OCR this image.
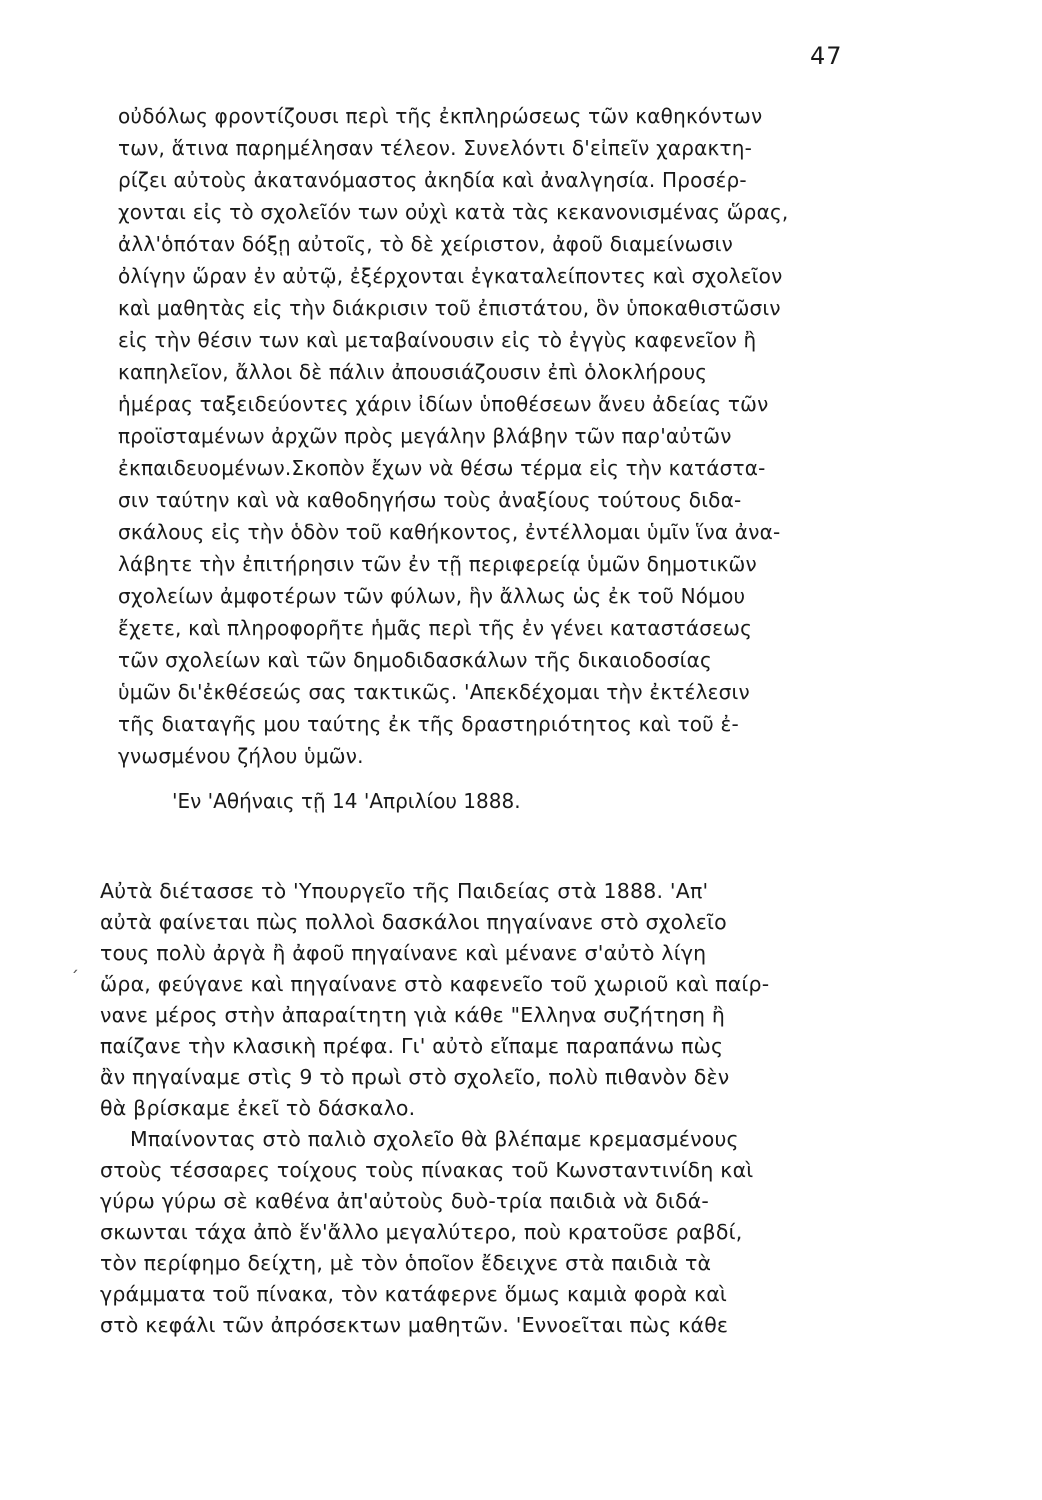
47
οὐδόλως φροντίζουσι περὶ τῆς ἐκπληρώσεως τῶν καθηκόντων
των, ἅτινα παρημέλησαν τέλεον. Συνελόντι δ'εἰπεῖν χαρακτη-
ρίζει αὐτοὺς ἀκατανόμαστος ἀκηδία καὶ ἀναλγησία. Προσέρ-
χονται εἰς τὸ σχολεῖόν των οὐχὶ κατὰ τὰς κεκανονισμένας ὥρας,
ἀλλ'ὁπόταν δόξῃ αὐτοῖς, τὸ δὲ χείριστον, ἀφοῦ διαμείνωσιν
ὀλίγην ὥραν ἐν αὐτῷ, ἐξέρχονται ἐγκαταλείποντες καὶ σχολεῖον
καὶ μαθητὰς εἰς τὴν διάκρισιν τοῦ ἐπιστάτου, ὃν ὑποκαθιστῶσιν
εἰς τὴν θέσιν των καὶ μεταβαίνουσιν εἰς τὸ ἐγγὺς καφενεῖον ἢ
καπηλεῖον, ἄλλοι δὲ πάλιν ἀπουσιάζουσιν ἐπὶ ὁλοκλήρους
ἡμέρας ταξειδεύοντες χάριν ἰδίων ὑποθέσεων ἄνευ ἀδείας τῶν
προϊσταμένων ἀρχῶν πρὸς μεγάλην βλάβην τῶν παρ'αὐτῶν
ἐκπαιδευομένων.Σκοπὸν ἔχων νὰ θέσω τέρμα εἰς τὴν κατάστα-
σιν ταύτην καὶ νὰ καθοδηγήσω τοὺς ἀναξίους τούτους διδα-
σκάλους εἰς τὴν ὁδὸν τοῦ καθήκοντος, ἐντέλλομαι ὑμῖν ἵνα ἀνα-
λάβητε τὴν ἐπιτήρησιν τῶν ἐν τῇ περιφερείᾳ ὑμῶν δημοτικῶν
σχολείων ἀμφοτέρων τῶν φύλων, ἣν ἄλλως ὡς ἐκ τοῦ Νόμου
ἔχετε, καὶ πληροφορῆτε ἡμᾶς περὶ τῆς ἐν γένει καταστάσεως
τῶν σχολείων καὶ τῶν δημοδιδασκάλων τῆς δικαιοδοσίας
ὑμῶν δι'ἐκθέσεώς σας τακτικῶς. 'Απεκδέχομαι τὴν ἐκτέλεσιν
τῆς διαταγῆς μου ταύτης ἐκ τῆς δραστηριότητος καὶ τοῦ ἐ-
γνωσμένου ζήλου ὑμῶν.
'Εν 'Αθήναις τῇ 14 'Απριλίου 1888.
´
Αὐτὰ διέτασσε τὸ 'Υπουργεῖο τῆς Παιδείας στὰ 1888. 'Απ'
αὐτὰ φαίνεται πὼς πολλοὶ δασκάλοι πηγαίνανε στὸ σχολεῖο
τους πολὺ ἀργὰ ἢ ἀφοῦ πηγαίνανε καὶ μένανε σ'αὐτὸ λίγη
ὥρα, φεύγανε καὶ πηγαίνανε στὸ καφενεῖο τοῦ χωριοῦ καὶ παίρ-
νανε μέρος στὴν ἀπαραίτητη γιὰ κάθε "Ελληνα συζήτηση ἢ
παίζανε τὴν κλασικὴ πρέφα. Γι' αὐτὸ εἴπαμε παραπάνω πὼς
ἂν πηγαίναμε στὶς 9 τὸ πρωὶ στὸ σχολεῖο, πολὺ πιθανὸν δὲν
θὰ βρίσκαμε ἐκεῖ τὸ δάσκαλο.
Μπαίνοντας στὸ παλιὸ σχολεῖο θὰ βλέπαμε κρεμασμένους
στοὺς τέσσαρες τοίχους τοὺς πίνακας τοῦ Κωνσταντινίδη καὶ
γύρω γύρω σὲ καθένα ἀπ'αὐτοὺς δυὸ-τρία παιδιὰ νὰ διδά-
σκωνται τάχα ἀπὸ ἕν'ἄλλο μεγαλύτερο, ποὺ κρατοῦσε ραβδί,
τὸν περίφημο δείχτη, μὲ τὸν ὁποῖον ἔδειχνε στὰ παιδιὰ τὰ
γράμματα τοῦ πίνακα, τὸν κατάφερνε ὅμως καμιὰ φορὰ καὶ
στὸ κεφάλι τῶν ἀπρόσεκτων μαθητῶν. 'Εννοεῖται πὼς κάθε
